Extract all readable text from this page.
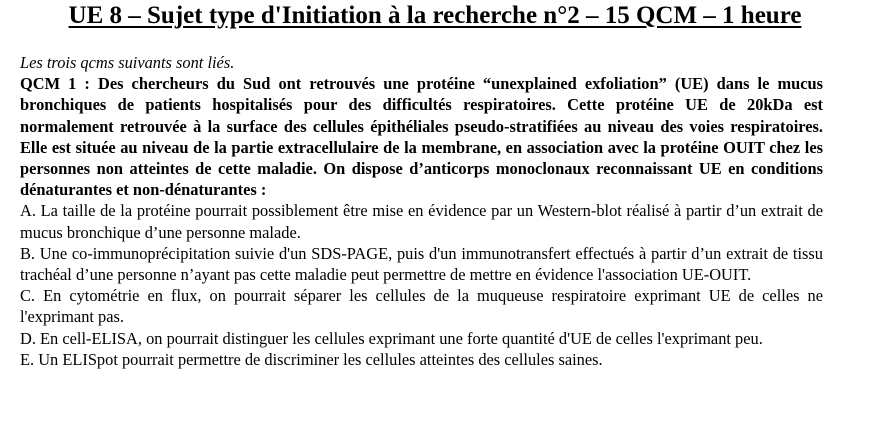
UE 8 – Sujet type d'Initiation à la recherche n°2 – 15 QCM – 1 heure
Les trois qcms suivants sont liés.
QCM 1 : Des chercheurs du Sud ont retrouvés une protéine “unexplained exfoliation” (UE) dans le mucus bronchiques de patients hospitalisés pour des difficultés respiratoires. Cette protéine UE de 20kDa est normalement retrouvée à la surface des cellules épithéliales pseudo-stratifiées au niveau des voies respiratoires. Elle est située au niveau de la partie extracellulaire de la membrane, en association avec la protéine OUIT chez les personnes non atteintes de cette maladie. On dispose d’anticorps monoclonaux reconnaissant UE en conditions dénaturantes et non-dénaturantes :
A. La taille de la protéine pourrait possiblement être mise en évidence par un Western-blot réalisé à partir d’un extrait de mucus bronchique d’une personne malade.
B. Une co-immunoprécipitation suivie d'un SDS-PAGE, puis d'un immunotransfert effectués à partir d’un extrait de tissu trachéal d’une personne n’ayant pas cette maladie peut permettre de mettre en évidence l'association UE-OUIT.
C. En cytométrie en flux, on pourrait séparer les cellules de la muqueuse respiratoire exprimant UE de celles ne l'exprimant pas.
D. En cell-ELISA, on pourrait distinguer les cellules exprimant une forte quantité d'UE de celles l'exprimant peu.
E. Un ELISpot pourrait permettre de discriminer les cellules atteintes des cellules saines.
